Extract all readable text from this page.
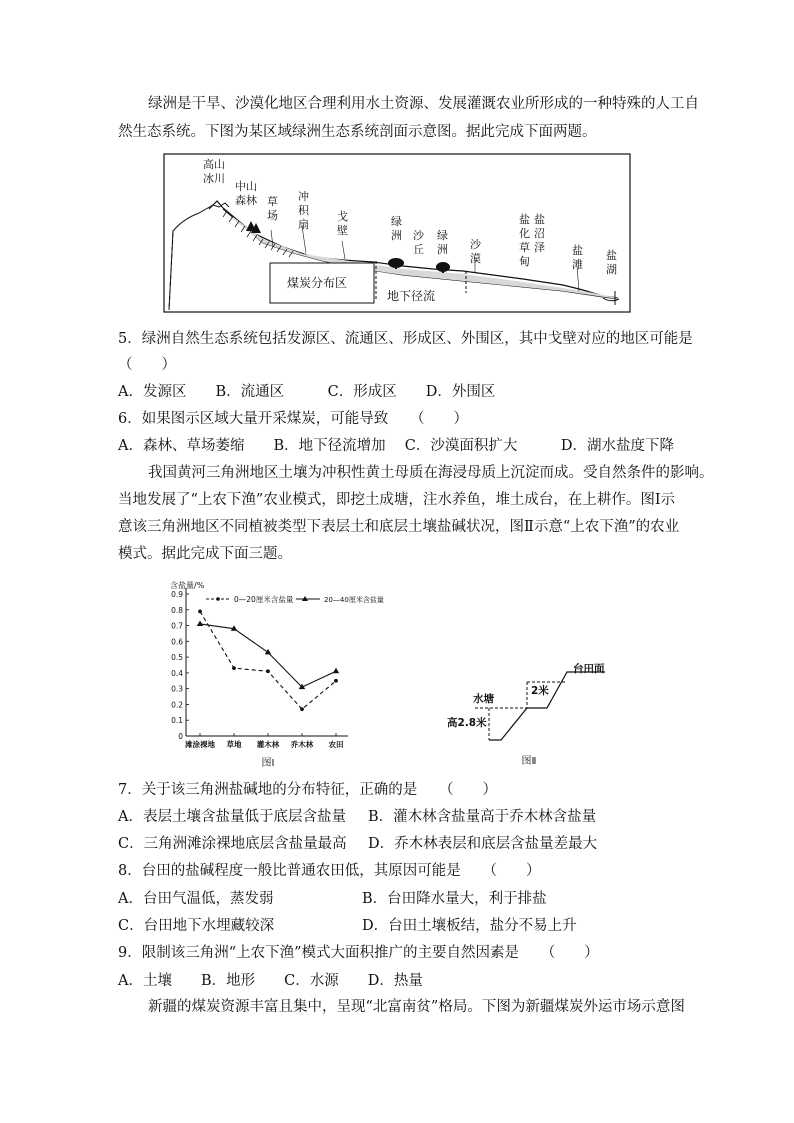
绿洲是干旱、沙漠化地区合理利用水土资源、发展灌溉农业所形成的一种特殊的人工自
然生态系统。下图为某区域绿洲生态系统剖面示意图。据此完成下面两题。
高山
冰川
中山
森林 草
场
冲
积
扇
戈
壁
绿
洲 沙
丘
绿
洲 沙
漠
盐
化
草
甸
盐
沼
泽 盐
滩
盐
湖
煤炭分布区
地下径流
5．绿洲自然生态系统包括发源区、流通区、形成区、外围区，其中戈壁对应的地区可能是
（　　）
A．发源区　　B．流通区　　　C．形成区　　D．外围区
6．如果图示区域大量开采煤炭，可能导致　　（　　）
A．森林、草场萎缩　　B．地下径流增加　 C．沙漠面积扩大　　　D．湖水盐度下降
我国黄河三角洲地区土壤为冲积性黄土母质在海浸母质上沉淀而成。受自然条件的影响。
当地发展了“上农下渔”农业模式，即挖土成塘，注水养鱼，堆土成台，在上耕作。图Ⅰ示
意该三角洲地区不同植被类型下表层土和底层土壤盐碱状况，图Ⅱ示意“上农下渔”的农业
模式。据此完成下面三题。
含盐量/%
0
0.1
0.2
0.3
0.4
0.5
0.6
0.7
0.8
0.9
滩涂裸地 草地 灌木林 乔木林 农田
0—20厘米含盐量	20—40厘米含盐量
图Ⅰ
台田面
水塘
高2.8米
2米
图Ⅱ
7．关于该三角洲盐碱地的分布特征，正确的是　　（　　）
A．表层土壤含盐量低于底层含盐量 B．灌木林含盐量高于乔木林含盐量
C．三角洲滩涂裸地底层含盐量最高 D．乔木林表层和底层含盐量差最大
8．台田的盐碱程度一般比普通农田低，其原因可能是　　（　　）
A．台田气温低，蒸发弱	B．台田降水量大，利于排盐
C．台田地下水埋藏较深	D．台田土壤板结，盐分不易上升
9．限制该三角洲“上农下渔”模式大面积推广的主要自然因素是　　（　　）
A．土壤　　B．地形　　C．水源　　D．热量
新疆的煤炭资源丰富且集中，呈现“北富南贫”格局。下图为新疆煤炭外运市场示意图
